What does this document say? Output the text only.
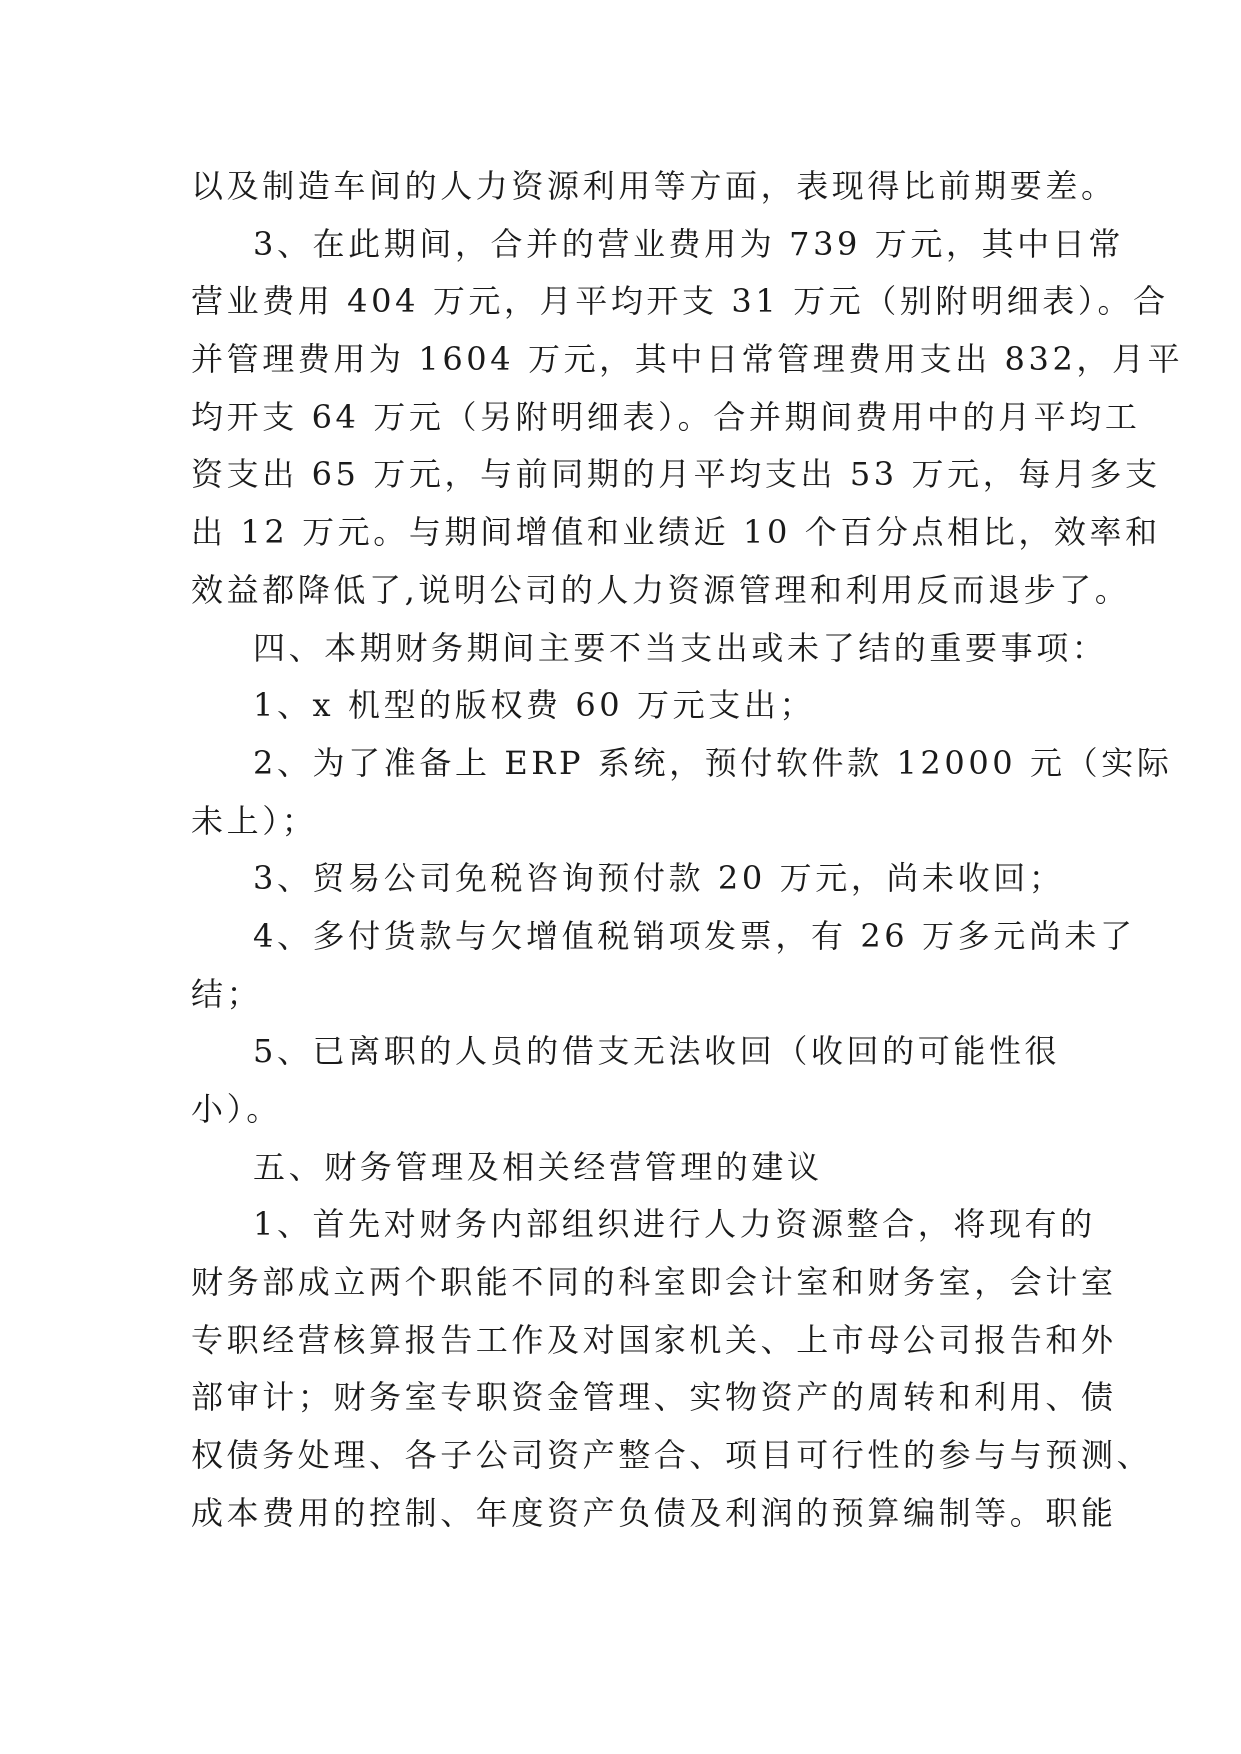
以及制造车间的人力资源利用等方面，表现得比前期要差。
3、在此期间，合并的营业费用为 739 万元，其中日常
营业费用 404 万元，月平均开支 31 万元（别附明细表）。合
并管理费用为 1604 万元，其中日常管理费用支出 832，月平
均开支 64 万元（另附明细表）。合并期间费用中的月平均工
资支出 65 万元，与前同期的月平均支出 53 万元，每月多支
出 12 万元。与期间增值和业绩近 10 个百分点相比，效率和
效益都降低了,说明公司的人力资源管理和利用反而退步了。
四、本期财务期间主要不当支出或未了结的重要事项：
1、x 机型的版权费 60 万元支出；
2、为了准备上 ERP 系统，预付软件款 12000 元（实际
未上）；
3、贸易公司免税咨询预付款 20 万元，尚未收回；
4、多付货款与欠增值税销项发票，有 26 万多元尚未了
结；
5、已离职的人员的借支无法收回（收回的可能性很
小）。
五、财务管理及相关经营管理的建议
1、首先对财务内部组织进行人力资源整合，将现有的
财务部成立两个职能不同的科室即会计室和财务室，会计室
专职经营核算报告工作及对国家机关、上市母公司报告和外
部审计；财务室专职资金管理、实物资产的周转和利用、债
权债务处理、各子公司资产整合、项目可行性的参与与预测、
成本费用的控制、年度资产负债及利润的预算编制等。职能
